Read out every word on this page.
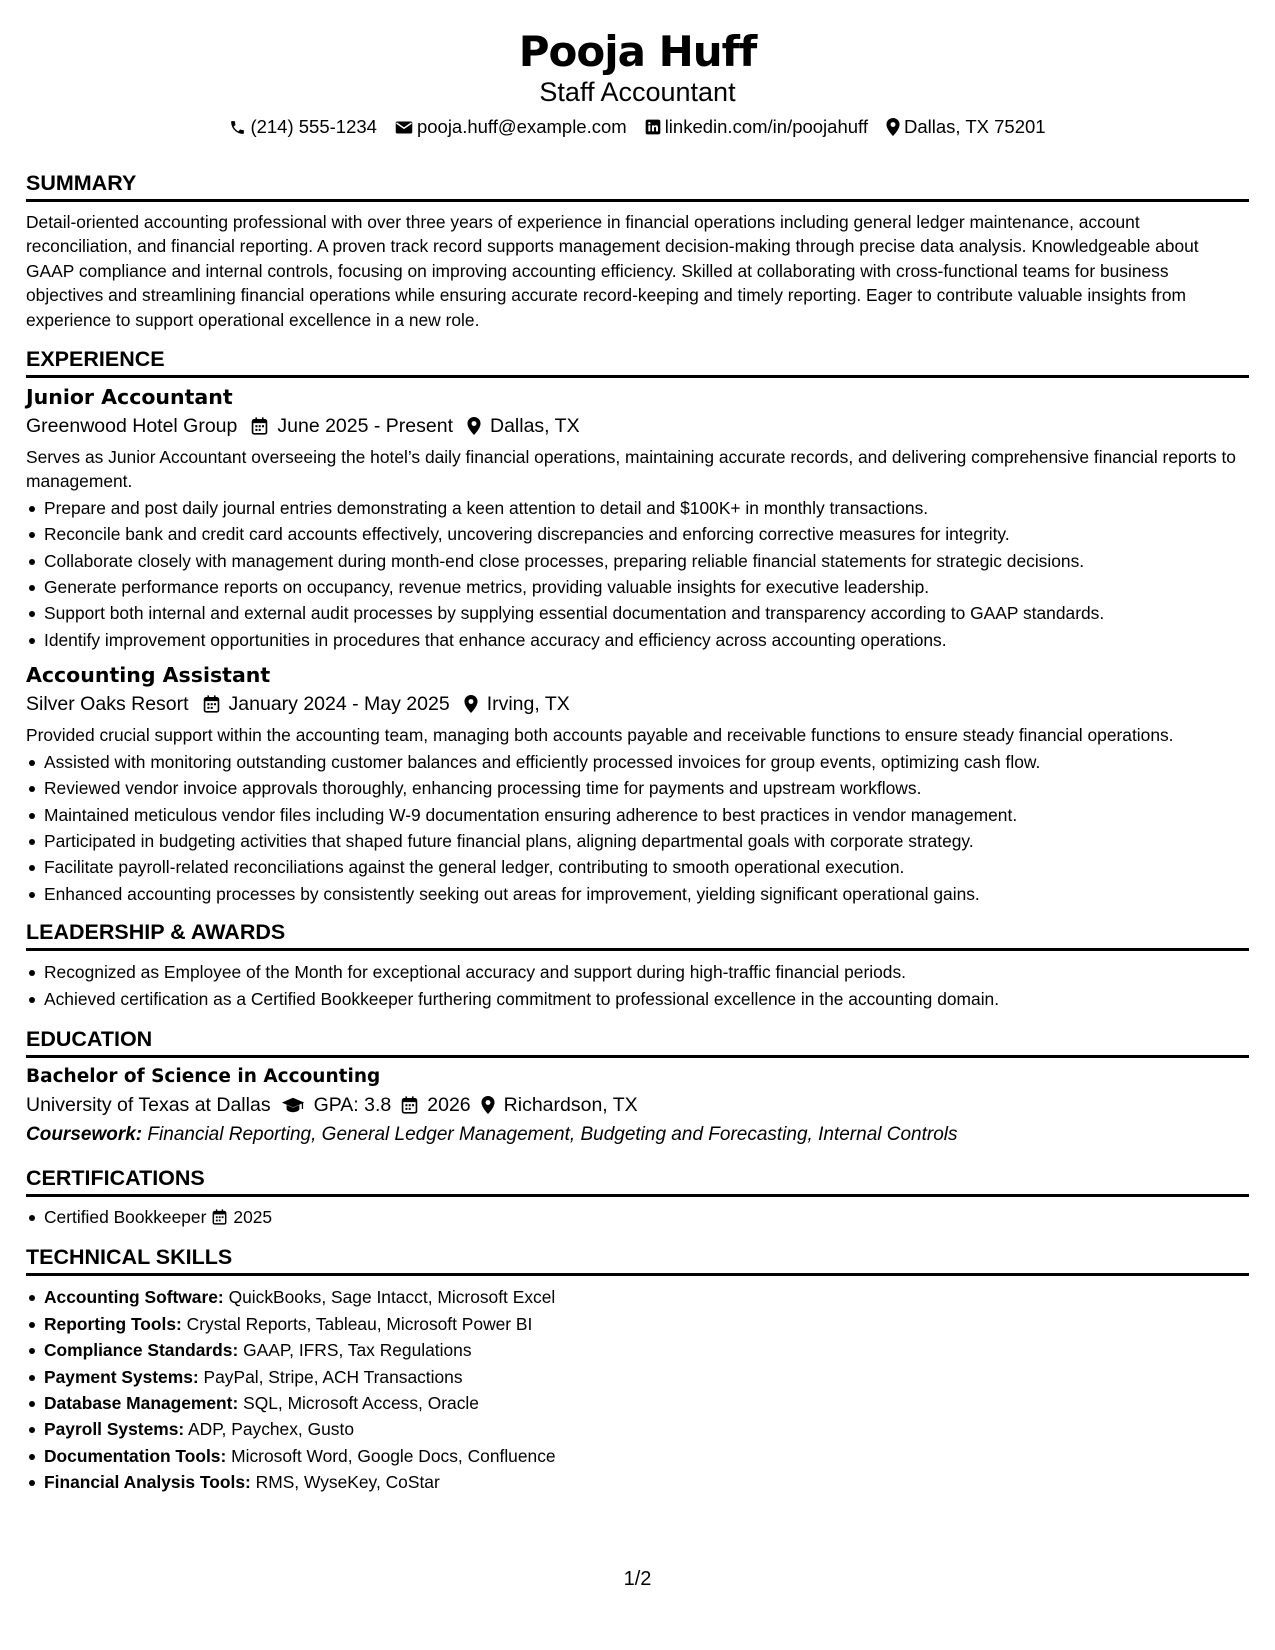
Pooja Huff
Staff Accountant
(214) 555-1234 pooja.huff@example.com linkedin.com/in/poojahuff Dallas, TX 75201
SUMMARY
Detail-oriented accounting professional with over three years of experience in financial operations including general ledger maintenance, account reconciliation, and financial reporting. A proven track record supports management decision-making through precise data analysis. Knowledgeable about GAAP compliance and internal controls, focusing on improving accounting efficiency. Skilled at collaborating with cross-functional teams for business objectives and streamlining financial operations while ensuring accurate record-keeping and timely reporting. Eager to contribute valuable insights from experience to support operational excellence in a new role.
EXPERIENCE
Junior Accountant
Greenwood Hotel Group June 2025 - Present Dallas, TX
Serves as Junior Accountant overseeing the hotel’s daily financial operations, maintaining accurate records, and delivering comprehensive financial reports to management.
Prepare and post daily journal entries demonstrating a keen attention to detail and $100K+ in monthly transactions.
Reconcile bank and credit card accounts effectively, uncovering discrepancies and enforcing corrective measures for integrity.
Collaborate closely with management during month-end close processes, preparing reliable financial statements for strategic decisions.
Generate performance reports on occupancy, revenue metrics, providing valuable insights for executive leadership.
Support both internal and external audit processes by supplying essential documentation and transparency according to GAAP standards.
Identify improvement opportunities in procedures that enhance accuracy and efficiency across accounting operations.
Accounting Assistant
Silver Oaks Resort January 2024 - May 2025 Irving, TX
Provided crucial support within the accounting team, managing both accounts payable and receivable functions to ensure steady financial operations.
Assisted with monitoring outstanding customer balances and efficiently processed invoices for group events, optimizing cash flow.
Reviewed vendor invoice approvals thoroughly, enhancing processing time for payments and upstream workflows.
Maintained meticulous vendor files including W-9 documentation ensuring adherence to best practices in vendor management.
Participated in budgeting activities that shaped future financial plans, aligning departmental goals with corporate strategy.
Facilitate payroll-related reconciliations against the general ledger, contributing to smooth operational execution.
Enhanced accounting processes by consistently seeking out areas for improvement, yielding significant operational gains.
LEADERSHIP & AWARDS
Recognized as Employee of the Month for exceptional accuracy and support during high-traffic financial periods.
Achieved certification as a Certified Bookkeeper furthering commitment to professional excellence in the accounting domain.
EDUCATION
Bachelor of Science in Accounting
University of Texas at Dallas GPA: 3.8 2026 Richardson, TX
Coursework: Financial Reporting, General Ledger Management, Budgeting and Forecasting, Internal Controls
CERTIFICATIONS
Certified Bookkeeper 2025
TECHNICAL SKILLS
Accounting Software: QuickBooks, Sage Intacct, Microsoft Excel
Reporting Tools: Crystal Reports, Tableau, Microsoft Power BI
Compliance Standards: GAAP, IFRS, Tax Regulations
Payment Systems: PayPal, Stripe, ACH Transactions
Database Management: SQL, Microsoft Access, Oracle
Payroll Systems: ADP, Paychex, Gusto
Documentation Tools: Microsoft Word, Google Docs, Confluence
Financial Analysis Tools: RMS, WyseKey, CoStar
1/2
